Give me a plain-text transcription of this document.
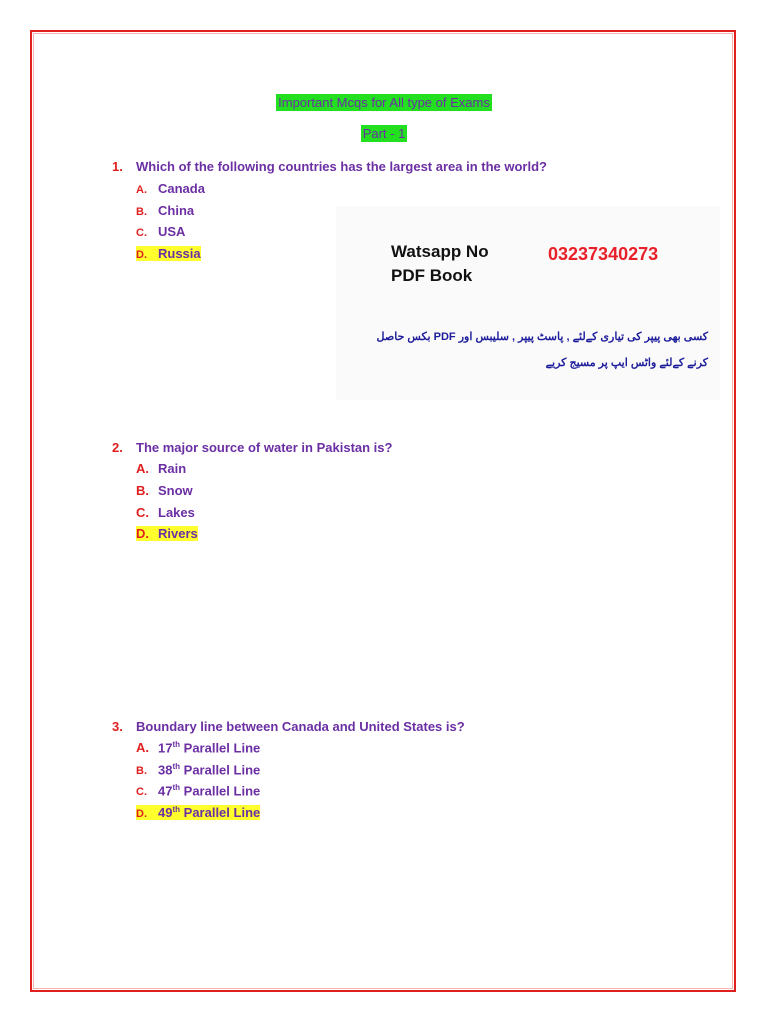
Important Mcqs for All type of Exams
Part - 1
1. Which of the following countries has the largest area in the world?
A. Canada
B. China
C. USA
D. Russia	Watsapp No
PDF Book
03237340273
کسی بھی پیپر کی تیاری کےلئے , پاسٹ پیپر , سلیبس اور PDF بکس حاصل
کرنے کےلئے واٹس ایپ پر مسیج کریے
2. The major source of water in Pakistan is?
A. Rain
B. Snow
C. Lakes
D. Rivers
3. Boundary line between Canada and United States is?
A. 17th Parallel Line
B. 38th Parallel Line
C. 47th Parallel Line
D. 49th Parallel Line
